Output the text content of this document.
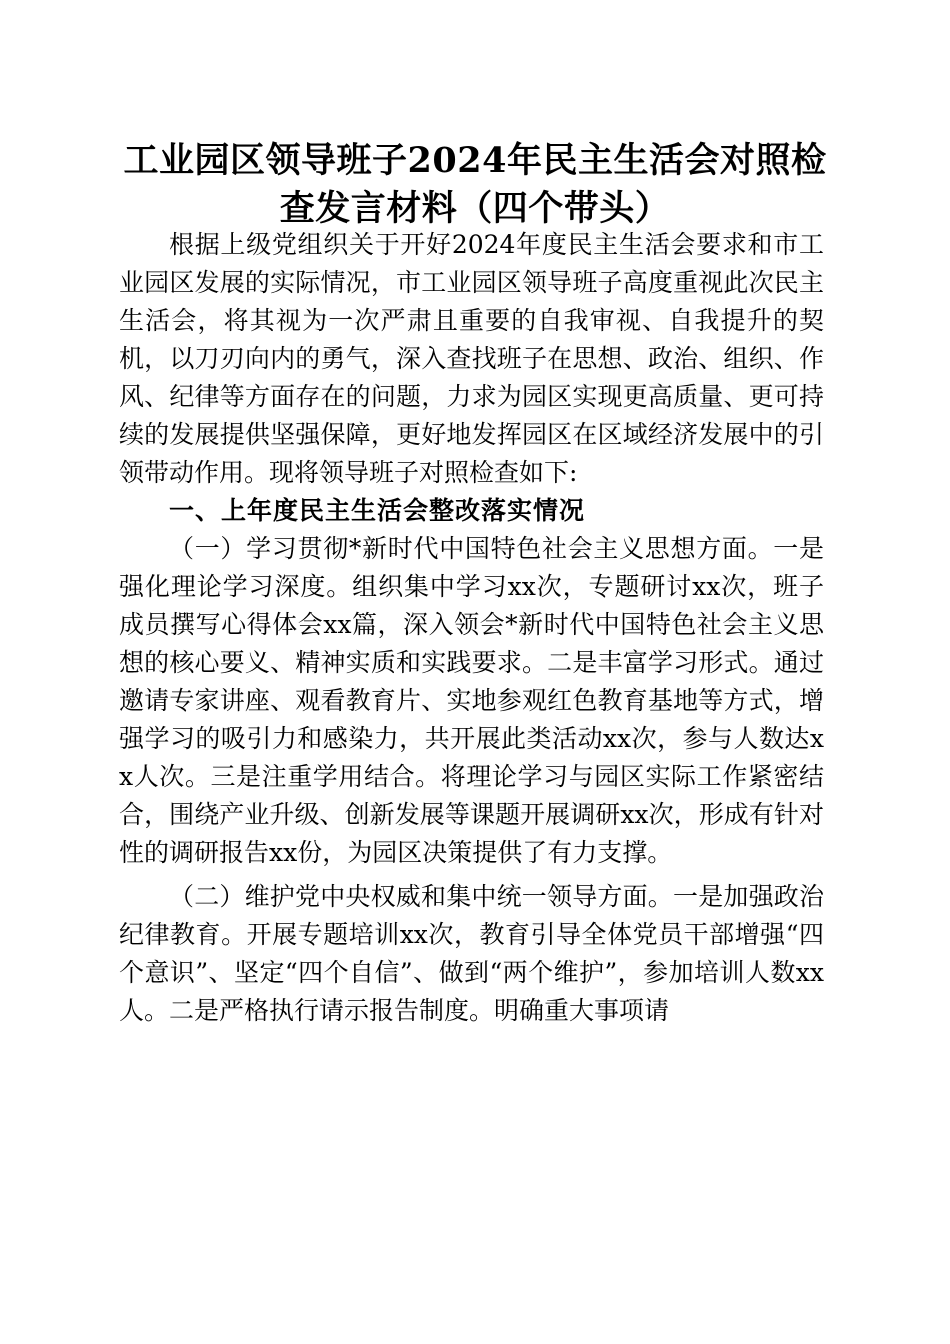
工业园区领导班子2024年民主生活会对照检
查发言材料（四个带头）

根据上级党组织关于开好2024年度民主生活会要求和市工业园区发展的实际情况，市工业园区领导班子高度重视此次民主生活会，将其视为一次严肃且重要的自我审视、自我提升的契机，以刀刃向内的勇气，深入查找班子在思想、政治、组织、作风、纪律等方面存在的问题，力求为园区实现更高质量、更可持续的发展提供坚强保障，更好地发挥园区在区域经济发展中的引领带动作用。现将领导班子对照检查如下:

一、上年度民主生活会整改落实情况

（一）学习贯彻*新时代中国特色社会主义思想方面。一是强化理论学习深度。组织集中学习xx次，专题研讨xx次，班子成员撰写心得体会xx篇，深入领会*新时代中国特色社会主义思想的核心要义、精神实质和实践要求。二是丰富学习形式。通过邀请专家讲座、观看教育片、实地参观红色教育基地等方式，增强学习的吸引力和感染力，共开展此类活动xx次，参与人数达xx人次。三是注重学用结合。将理论学习与园区实际工作紧密结合，围绕产业升级、创新发展等课题开展调研xx次，形成有针对性的调研报告xx份，为园区决策提供了有力支撑。

（二）维护党中央权威和集中统一领导方面。一是加强政治纪律教育。开展专题培训xx次，教育引导全体党员干部增强“四个意识”、坚定“四个自信”、做到“两个维护”，参加培训人数xx人。二是严格执行请示报告制度。明确重大事项请
